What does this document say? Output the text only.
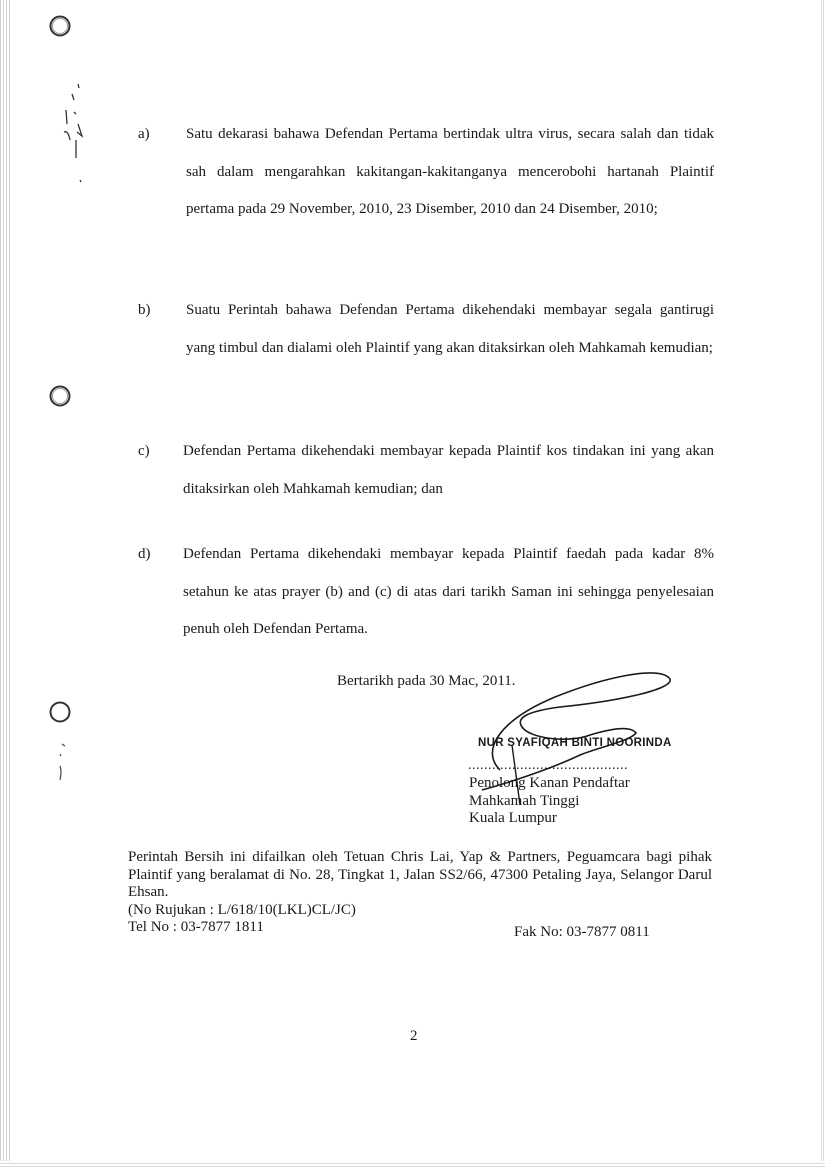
a) Satu dekarasi bahawa Defendan Pertama bertindak ultra virus, secara salah dan tidak sah dalam mengarahkan kakitangan-kakitanganya mencerobohi hartanah Plaintif pertama pada 29 November, 2010, 23 Disember, 2010 dan 24 Disember, 2010;
b) Suatu Perintah bahawa Defendan Pertama dikehendaki membayar segala gantirugi yang timbul dan dialami oleh Plaintif yang akan ditaksirkan oleh Mahkamah kemudian;
c) Defendan Pertama dikehendaki membayar kepada Plaintif kos tindakan ini yang akan ditaksirkan oleh Mahkamah kemudian; dan
d) Defendan Pertama dikehendaki membayar kepada Plaintif faedah pada kadar 8% setahun ke atas prayer (b) and (c) di atas dari tarikh Saman ini sehingga penyelesaian penuh oleh Defendan Pertama.
Bertarikh pada 30 Mac, 2011.
NUR SYAFIQAH BINTI NOORINDA
........................................
Penolong Kanan Pendaftar
Mahkamah Tinggi
Kuala Lumpur
Perintah Bersih ini difailkan oleh Tetuan Chris Lai, Yap & Partners, Peguamcara bagi pihak Plaintif yang beralamat di No. 28, Tingkat 1, Jalan SS2/66, 47300 Petaling Jaya, Selangor Darul Ehsan.
(No Rujukan : L/618/10(LKL)CL/JC)
Tel No : 03-7877 1811	Fak No: 03-7877 0811
2
